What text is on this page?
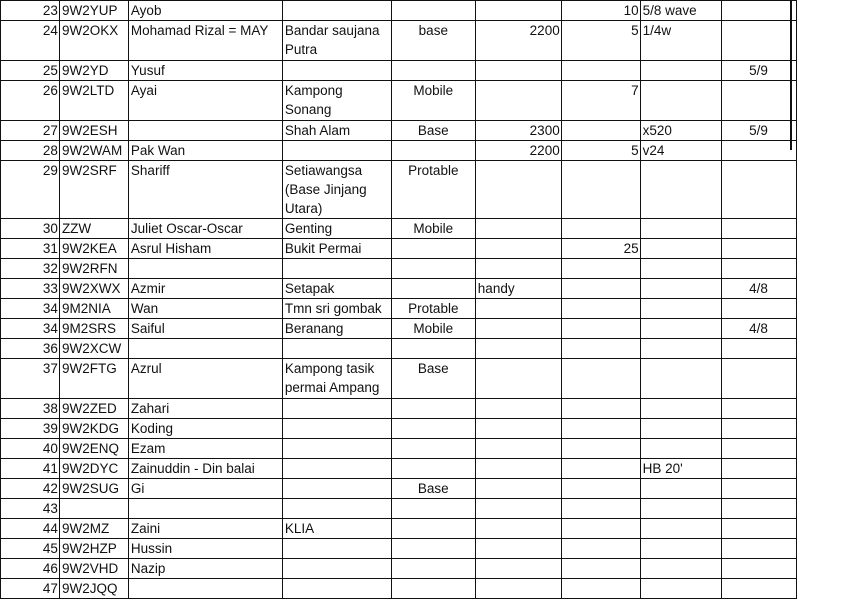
23	9W2YUP	Ayob				10	5/8 wave		
24	9W2OKX	Mohamad Rizal = MAY	Bandar saujana Putra	base	2200	5	1/4w		
25	9W2YD	Yusuf						5/9	
26	9W2LTD	Ayai	Kampong Sonang	Mobile		7			
27	9W2ESH		Shah Alam	Base	2300		x520	5/9	
28	9W2WAM	Pak Wan			2200	5	v24		
29	9W2SRF	Shariff	Setiawangsa (Base Jinjang Utara)	Protable					
30	ZZW	Juliet Oscar-Oscar	Genting	Mobile					
31	9W2KEA	Asrul Hisham	Bukit Permai			25			
32	9W2RFN								
33	9W2XWX	Azmir	Setapak		handy			4/8	
34	9M2NIA	Wan	Tmn sri gombak	Protable					
34	9M2SRS	Saiful	Beranang	Mobile				4/8	
36	9W2XCW								
37	9W2FTG	Azrul	Kampong tasik permai Ampang	Base					
38	9W2ZED	Zahari							
39	9W2KDG	Koding							
40	9W2ENQ	Ezam							
41	9W2DYC	Zainuddin - Din balai					HB 20'		
42	9W2SUG	Gi		Base					
43									
44	9W2MZ	Zaini	KLIA						
45	9W2HZP	Hussin							
46	9W2VHD	Nazip							
47	9W2JQQ								
